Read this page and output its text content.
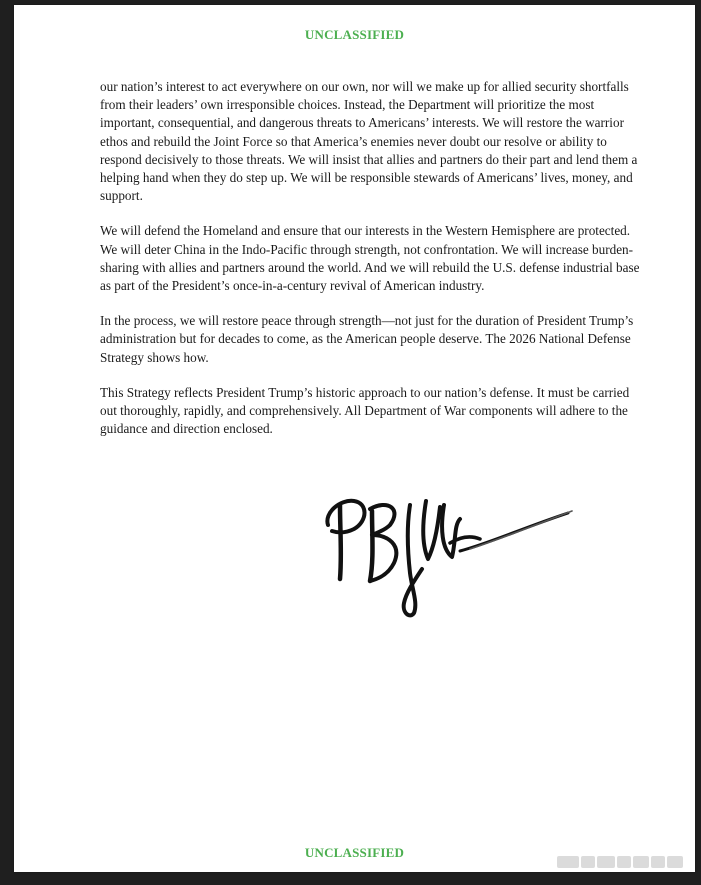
UNCLASSIFIED

our nation’s interest to act everywhere on our own, nor will we make up for allied security shortfalls from their leaders’ own irresponsible choices. Instead, the Department will prioritize the most important, consequential, and dangerous threats to Americans’ interests. We will restore the warrior ethos and rebuild the Joint Force so that America’s enemies never doubt our resolve or ability to respond decisively to those threats. We will insist that allies and partners do their part and lend them a helping hand when they do step up. We will be responsible stewards of Americans’ lives, money, and support.

We will defend the Homeland and ensure that our interests in the Western Hemisphere are protected. We will deter China in the Indo-Pacific through strength, not confrontation. We will increase burden-sharing with allies and partners around the world. And we will rebuild the U.S. defense industrial base as part of the President’s once-in-a-century revival of American industry.

In the process, we will restore peace through strength—not just for the duration of President Trump’s administration but for decades to come, as the American people deserve. The 2026 National Defense Strategy shows how.

This Strategy reflects President Trump’s historic approach to our nation’s defense. It must be carried out thoroughly, rapidly, and comprehensively. All Department of War components will adhere to the guidance and direction enclosed.

UNCLASSIFIED
